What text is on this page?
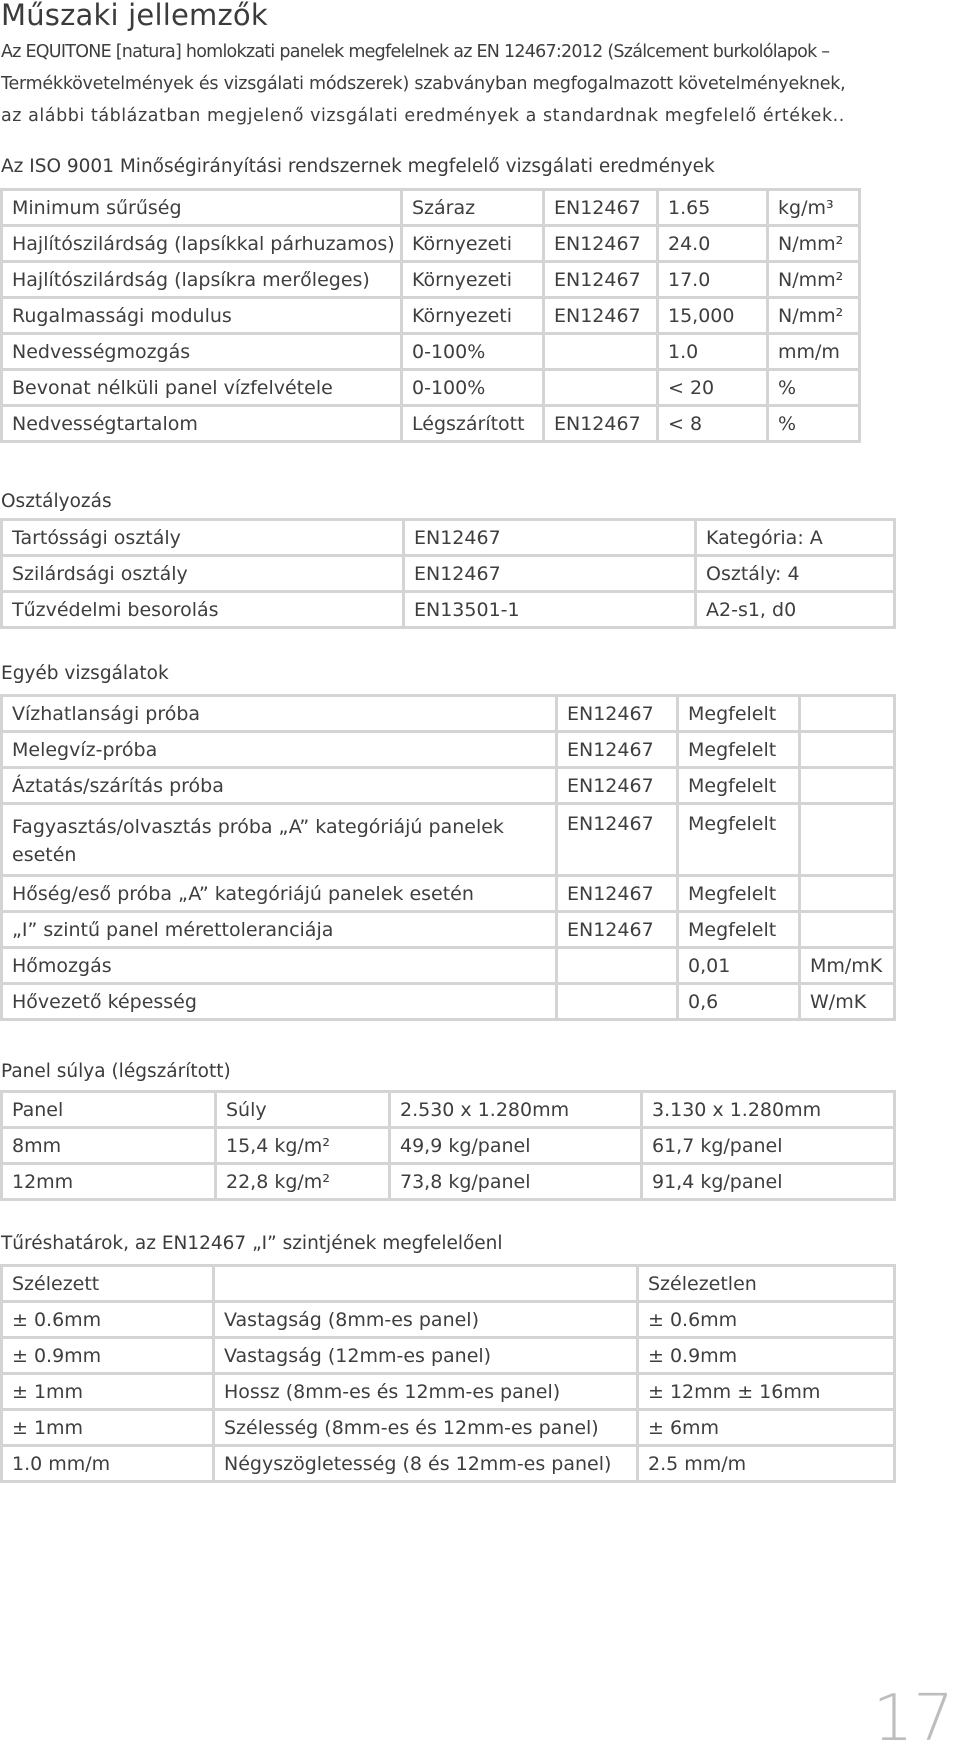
Műszaki jellemzők
Az EQUITONE [natura] homlokzati panelek megfelelnek az EN 12467:2012 (Szálcement burkolólapok –
Termékkövetelmények és vizsgálati módszerek) szabványban megfogalmazott követelményeknek,
az alábbi táblázatban megjelenő vizsgálati eredmények a standardnak megfelelő értékek..
Az ISO 9001 Minőségirányítási rendszernek megfelelő vizsgálati eredmények
Minimum sűrűség	Száraz	EN12467	1.65	kg/m³
Hajlítószilárdság (lapsíkkal párhuzamos)	Környezeti	EN12467	24.0	N/mm²
Hajlítószilárdság (lapsíkra merőleges)	Környezeti	EN12467	17.0	N/mm²
Rugalmassági modulus	Környezeti	EN12467	15,000	N/mm²
Nedvességmozgás	0-100%		1.0	mm/m
Bevonat nélküli panel vízfelvétele	0-100%		< 20	%
Nedvességtartalom	Légszárított	EN12467	< 8	%
Osztályozás
Tartóssági osztály	EN12467	Kategória: A
Szilárdsági osztály	EN12467	Osztály: 4
Tűzvédelmi besorolás	EN13501-1	A2-s1, d0
Egyéb vizsgálatok
Vízhatlansági próba	EN12467	Megfelelt	
Melegvíz-próba	EN12467	Megfelelt	
Áztatás/szárítás próba	EN12467	Megfelelt	
Fagyasztás/olvasztás próba „A” kategóriájú panelek esetén	EN12467	Megfelelt	
Hőség/eső próba „A” kategóriájú panelek esetén	EN12467	Megfelelt	
„I” szintű panel mérettoleranciája	EN12467	Megfelelt	
Hőmozgás		0,01	Mm/mK
Hővezető képesség		0,6	W/mK
Panel súlya (légszárított)
Panel	Súly	2.530 x 1.280mm	3.130 x 1.280mm
8mm	15,4 kg/m²	49,9 kg/panel	61,7 kg/panel
12mm	22,8 kg/m²	73,8 kg/panel	91,4 kg/panel
Tűréshatárok, az EN12467 „I” szintjének megfelelőenl
Szélezett		Szélezetlen
± 0.6mm	Vastagság (8mm-es panel)	± 0.6mm
± 0.9mm	Vastagság (12mm-es panel)	± 0.9mm
± 1mm	Hossz (8mm-es és 12mm-es panel)	± 12mm ± 16mm
± 1mm	Szélesség (8mm-es és 12mm-es panel)	± 6mm
1.0 mm/m	Négyszögletesség (8 és 12mm-es panel)	2.5 mm/m
17
